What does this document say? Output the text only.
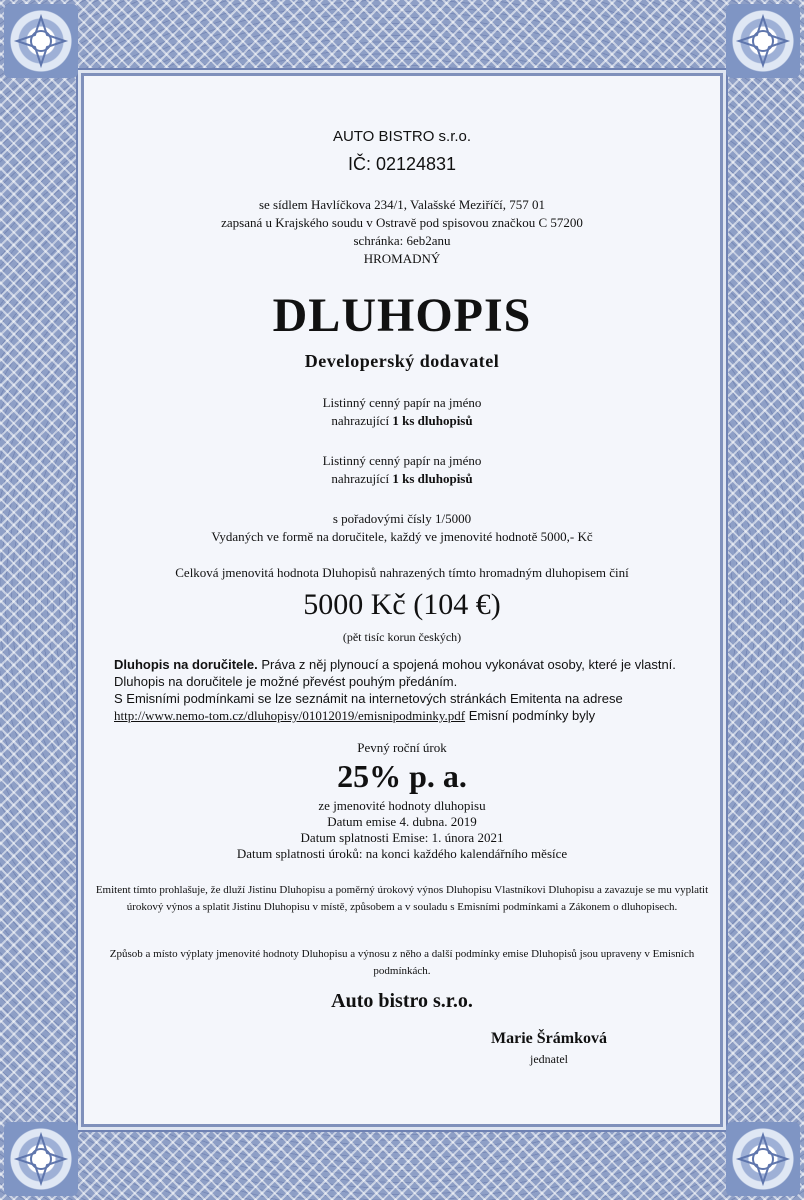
AUTO BISTRO s.r.o.
IČ: 02124831
se sídlem Havlíčkova 234/1, Valašské Meziříčí, 757 01
zapsaná u Krajského soudu v Ostravě pod spisovou značkou C 57200
schránka: 6eb2anu
HROMADNÝ
DLUHOPIS
Developerský dodavatel
Listinný cenný papír na jméno
nahrazující 1 ks dluhopisů
Listinný cenný papír na jméno
nahrazující 1 ks dluhopisů
s pořadovými čísly 1/5000
Vydaných ve formě na doručitele, každý ve jmenovité hodnotě 5000,- Kč
Celková jmenovitá hodnota Dluhopisů nahrazených tímto hromadným dluhopisem činí
5000 Kč (104 €)
(pět tisíc korun českých)
Dluhopis na doručitele. Práva z něj plynoucí a spojená mohou vykonávat osoby, které je vlastní.
Dluhopis na doručitele je možné převést pouhým předáním.
S Emisními podmínkami se lze seznámit na internetových stránkách Emitenta na adrese
http://www.nemo-tom.cz/dluhopisy/01012019/emisnipodminky.pdf Emisní podmínky byly
Pevný roční úrok
25% p. a.
ze jmenovité hodnoty dluhopisu
Datum emise 4. dubna. 2019
Datum splatnosti Emise: 1. února 2021
Datum splatnosti úroků: na konci každého kalendářního měsíce
Emitent tímto prohlašuje, že dluží Jistinu Dluhopisu a poměrný úrokový výnos Dluhopisu Vlastníkovi Dluhopisu a zavazuje se mu vyplatit úrokový výnos a splatit Jistinu Dluhopisu v místě, způsobem a v souladu s Emisními podmínkami a Zákonem o dluhopisech.
Způsob a místo výplaty jmenovité hodnoty Dluhopisu a výnosu z něho a další podmínky emise Dluhopisů jsou upraveny v Emisních podmínkách.
Auto bistro s.r.o.
Marie Šrámková
jednatel
